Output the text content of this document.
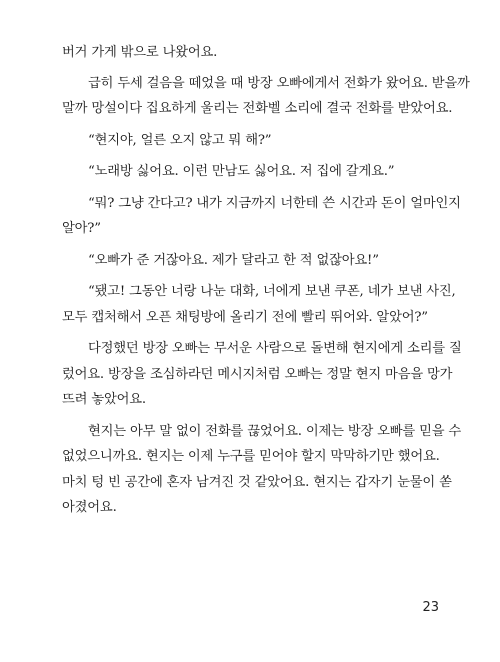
버거 가게 밖으로 나왔어요.

급히 두세 걸음을 떼었을 때 방장 오빠에게서 전화가 왔어요. 받을까
말까 망설이다 집요하게 울리는 전화벨 소리에 결국 전화를 받았어요.

“현지야, 얼른 오지 않고 뭐 해?”

“노래방 싫어요. 이런 만남도 싫어요. 저 집에 갈게요.”

“뭐? 그냥 간다고? 내가 지금까지 너한테 쓴 시간과 돈이 얼마인지
알아?”

“오빠가 준 거잖아요. 제가 달라고 한 적 없잖아요!”

“됐고! 그동안 너랑 나눈 대화, 너에게 보낸 쿠폰, 네가 보낸 사진,
모두 캡처해서 오픈 채팅방에 올리기 전에 빨리 뛰어와. 알았어?”

다정했던 방장 오빠는 무서운 사람으로 돌변해 현지에게 소리를 질
렀어요. 방장을 조심하라던 메시지처럼 오빠는 정말 현지 마음을 망가
뜨려 놓았어요.

현지는 아무 말 없이 전화를 끊었어요. 이제는 방장 오빠를 믿을 수
없었으니까요. 현지는 이제 누구를 믿어야 할지 막막하기만 했어요.
마치 텅 빈 공간에 혼자 남겨진 것 같았어요. 현지는 갑자기 눈물이 쏟
아졌어요.

23
